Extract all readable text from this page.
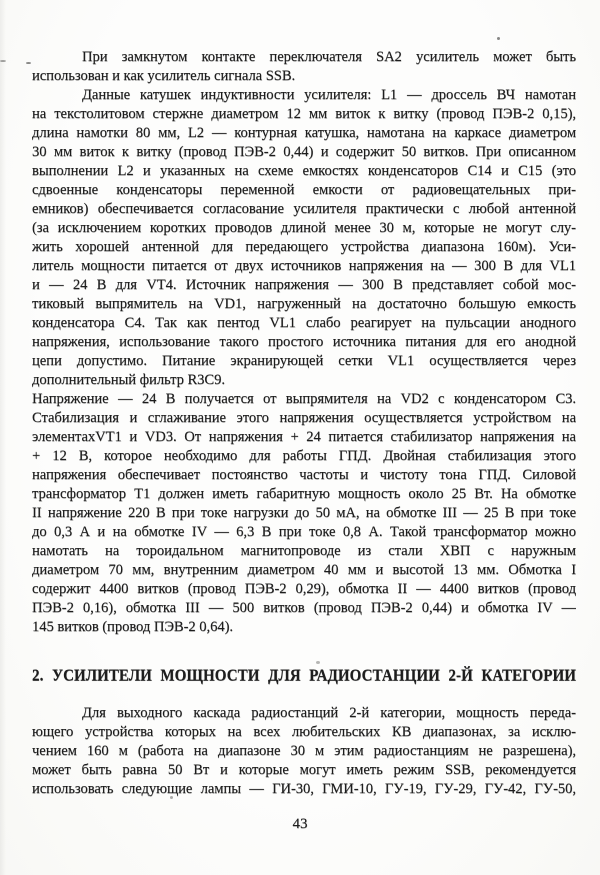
При замкнутом контакте переключателя SA2 усилитель может быть
использован и как усилитель сигнала SSB.
Данные катушек индуктивности усилителя: L1 — дроссель ВЧ намотан
на текстолитовом стержне диаметром 12 мм виток к витку (провод ПЭВ-2 0,15),
длина намотки 80 мм, L2 — контурная катушка, намотана на каркасе диаметром
30 мм виток к витку (провод ПЭВ-2 0,44) и содержит 50 витков. При описанном
выполнении L2 и указанных на схеме емкостях конденсаторов С14 и С15 (это
сдвоенные конденсаторы переменной емкости от радиовещательных при-
емников) обеспечивается согласование усилителя практически с любой антенной
(за исключением коротких проводов длиной менее 30 м, которые не могут слу-
жить хорошей антенной для передающего устройства диапазона 160м). Уси-
литель мощности питается от двух источников напряжения на — 300 В для VL1
и — 24 В для VT4. Источник напряжения — 300 В представляет собой мос-
тиковый выпрямитель на VD1, нагруженный на достаточно большую емкость
конденсатора С4. Так как пентод VL1 слабо реагирует на пульсации анодного
напряжения, использование такого простого источника питания для его анодной
цепи допустимо. Питание экранирующей сетки VL1 осуществляется через
дополнительный фильтр R3C9.
Напряжение — 24 В получается от выпрямителя на VD2 с конденсатором С3.
Стабилизация и сглаживание этого напряжения осуществляется устройством на
элементахVT1 и VD3. От напряжения + 24 питается стабилизатор напряжения на
+ 12 В, которое необходимо для работы ГПД. Двойная стабилизация этого
напряжения обеспечивает постоянство частоты и чистоту тона ГПД. Силовой
трансформатор Т1 должен иметь габаритную мощность около 25 Вт. На обмотке
II напряжение 220 В при токе нагрузки до 50 мА, на обмотке III — 25 В при токе
до 0,3 А и на обмотке IV — 6,3 В при токе 0,8 А. Такой трансформатор можно
намотать на тороидальном магнитопроводе из стали ХВП с наружным
диаметром 70 мм, внутренним диаметром 40 мм и высотой 13 мм. Обмотка I
содержит 4400 витков (провод ПЭВ-2 0,29), обмотка II — 4400 витков (провод
ПЭВ-2 0,16), обмотка III — 500 витков (провод ПЭВ-2 0,44) и обмотка IV —
145 витков (провод ПЭВ-2 0,64).
2. УСИЛИТЕЛИ МОЩНОСТИ ДЛЯ РАДИОСТАНЦИИ 2-Й КАТЕГОРИИ
Для выходного каскада радиостанций 2-й категории, мощность переда-
ющего устройства которых на всех любительских КВ диапазонах, за исклю-
чением 160 м (работа на диапазоне 30 м этим радиостанциям не разрешена),
может быть равна 50 Вт и которые могут иметь режим SSB, рекомендуется
использовать следующие лампы — ГИ-30, ГМИ-10, ГУ-19, ГУ-29, ГУ-42, ГУ-50,
43
